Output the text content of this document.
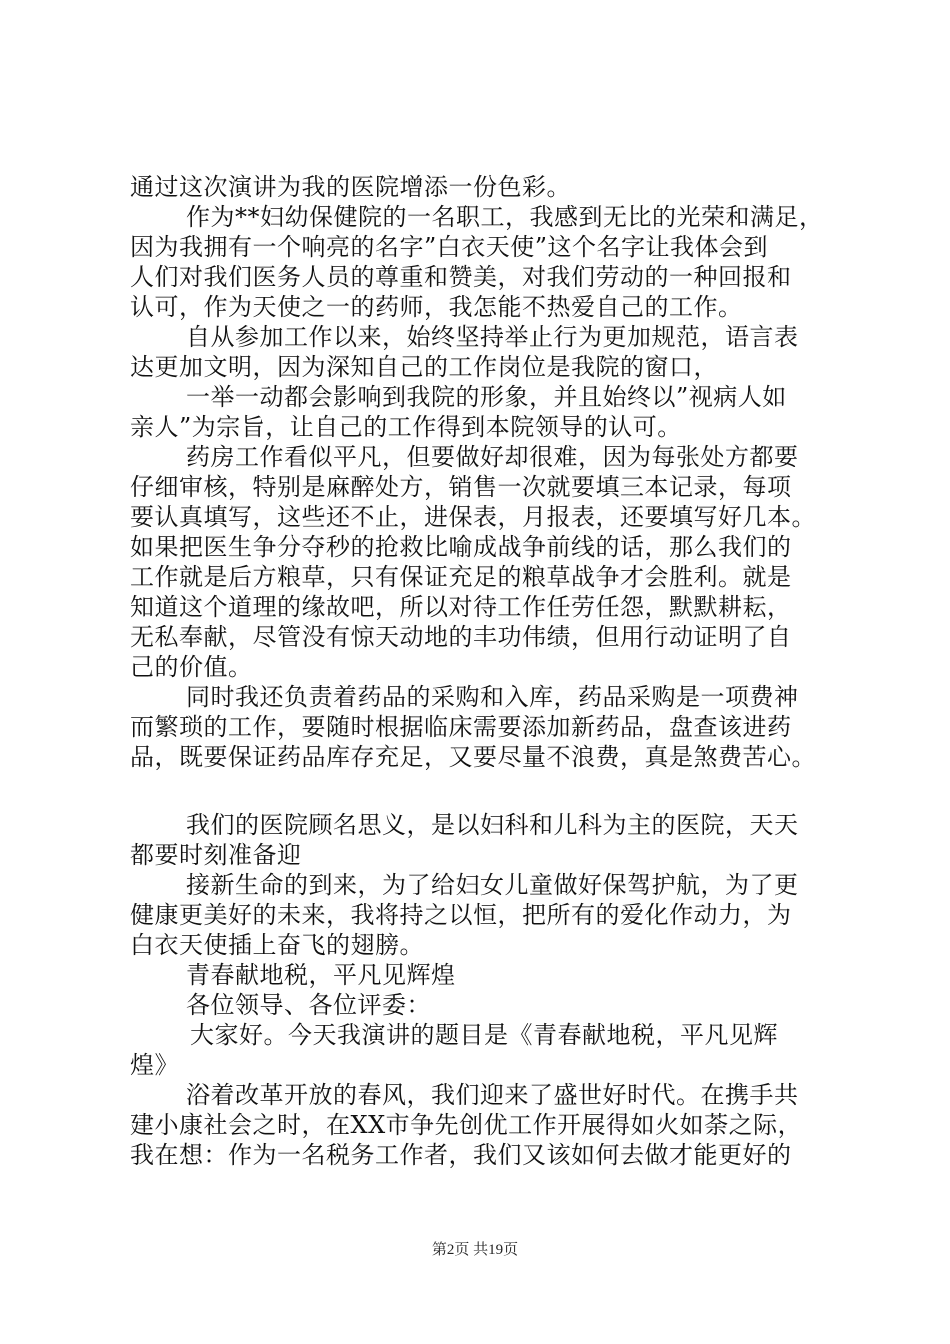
通过这次演讲为我的医院增添一份色彩。
作为**妇幼保健院的一名职工，我感到无比的光荣和满足，
因为我拥有一个响亮的名字”白衣天使”这个名字让我体会到
人们对我们医务人员的尊重和赞美，对我们劳动的一种回报和
认可，作为天使之一的药师，我怎能不热爱自己的工作。
自从参加工作以来，始终坚持举止行为更加规范，语言表
达更加文明，因为深知自己的工作岗位是我院的窗口，
一举一动都会影响到我院的形象，并且始终以”视病人如
亲人”为宗旨，让自己的工作得到本院领导的认可。
药房工作看似平凡，但要做好却很难，因为每张处方都要
仔细审核，特别是麻醉处方，销售一次就要填三本记录，每项
要认真填写，这些还不止，进保表，月报表，还要填写好几本。
如果把医生争分夺秒的抢救比喻成战争前线的话，那么我们的
工作就是后方粮草，只有保证充足的粮草战争才会胜利。就是
知道这个道理的缘故吧，所以对待工作任劳任怨，默默耕耘，
无私奉献，尽管没有惊天动地的丰功伟绩，但用行动证明了自
己的价值。
同时我还负责着药品的采购和入库，药品采购是一项费神
而繁琐的工作，要随时根据临床需要添加新药品，盘查该进药
品，既要保证药品库存充足，又要尽量不浪费，真是煞费苦心。
我们的医院顾名思义，是以妇科和儿科为主的医院，天天
都要时刻准备迎
接新生命的到来，为了给妇女儿童做好保驾护航，为了更
健康更美好的未来，我将持之以恒，把所有的爱化作动力，为
白衣天使插上奋飞的翅膀。
青春献地税，平凡见辉煌
各位领导、各位评委：
大家好。今天我演讲的题目是《青春献地税，平凡见辉
煌》
浴着改革开放的春风，我们迎来了盛世好时代。在携手共
建小康社会之时，在XX市争先创优工作开展得如火如荼之际，
我在想：作为一名税务工作者，我们又该如何去做才能更好的
第2页 共19页
